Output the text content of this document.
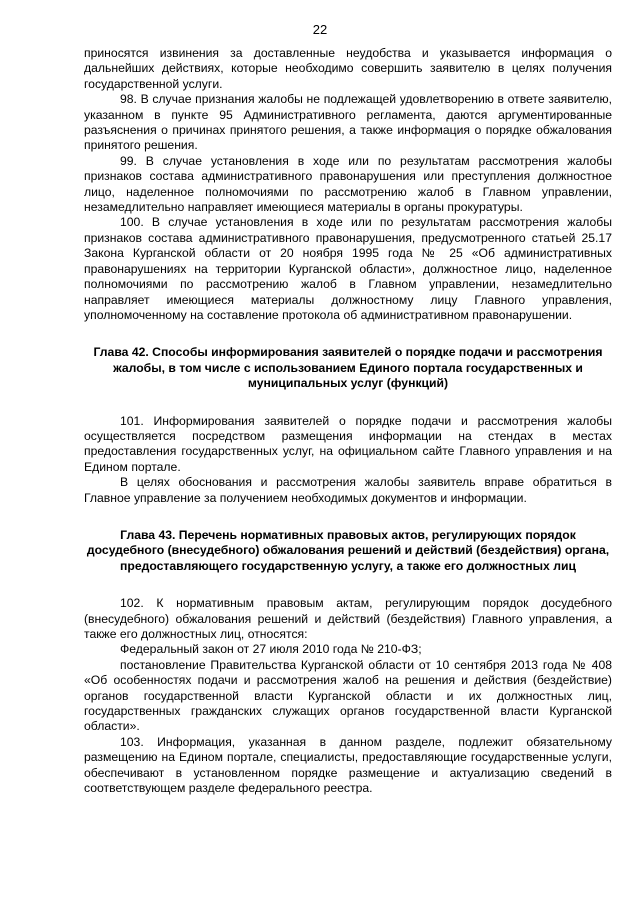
22

приносятся извинения за доставленные неудобства и указывается информация о дальнейших действиях, которые необходимо совершить заявителю в целях получения государственной услуги.

98. В случае признания жалобы не подлежащей удовлетворению в ответе заявителю, указанном в пункте 95 Административного регламента, даются аргументированные разъяснения о причинах принятого решения, а также информация о порядке обжалования принятого решения.

99. В случае установления в ходе или по результатам рассмотрения жалобы признаков состава административного правонарушения или преступления должностное лицо, наделенное полномочиями по рассмотрению жалоб в Главном управлении, незамедлительно направляет имеющиеся материалы в органы прокуратуры.

100. В случае установления в ходе или по результатам рассмотрения жалобы признаков состава административного правонарушения, предусмотренного статьей 25.17 Закона Курганской области от 20 ноября 1995 года № 25 «Об административных правонарушениях на территории Курганской области», должностное лицо, наделенное полномочиями по рассмотрению жалоб в Главном управлении, незамедлительно направляет имеющиеся материалы должностному лицу Главного управления, уполномоченному на составление протокола об административном правонарушении.

Глава 42. Способы информирования заявителей о порядке подачи и рассмотрения жалобы, в том числе с использованием Единого портала государственных и муниципальных услуг (функций)

101. Информирования заявителей о порядке подачи и рассмотрения жалобы осуществляется посредством размещения информации на стендах в местах предоставления государственных услуг, на официальном сайте Главного управления и на Едином портале.

В целях обоснования и рассмотрения жалобы заявитель вправе обратиться в Главное управление за получением необходимых документов и информации.

Глава 43. Перечень нормативных правовых актов, регулирующих порядок досудебного (внесудебного) обжалования решений и действий (бездействия) органа, предоставляющего государственную услугу, а также его должностных лиц

102. К нормативным правовым актам, регулирующим порядок досудебного (внесудебного) обжалования решений и действий (бездействия) Главного управления, а также его должностных лиц, относятся:

Федеральный закон от 27 июля 2010 года № 210-ФЗ;

постановление Правительства Курганской области от 10 сентября 2013 года № 408 «Об особенностях подачи и рассмотрения жалоб на решения и действия (бездействие) органов государственной власти Курганской области и их должностных лиц, государственных гражданских служащих органов государственной власти Курганской области».

103. Информация, указанная в данном разделе, подлежит обязательному размещению на Едином портале, специалисты, предоставляющие государственные услуги, обеспечивают в установленном порядке размещение и актуализацию сведений в соответствующем разделе федерального реестра.
